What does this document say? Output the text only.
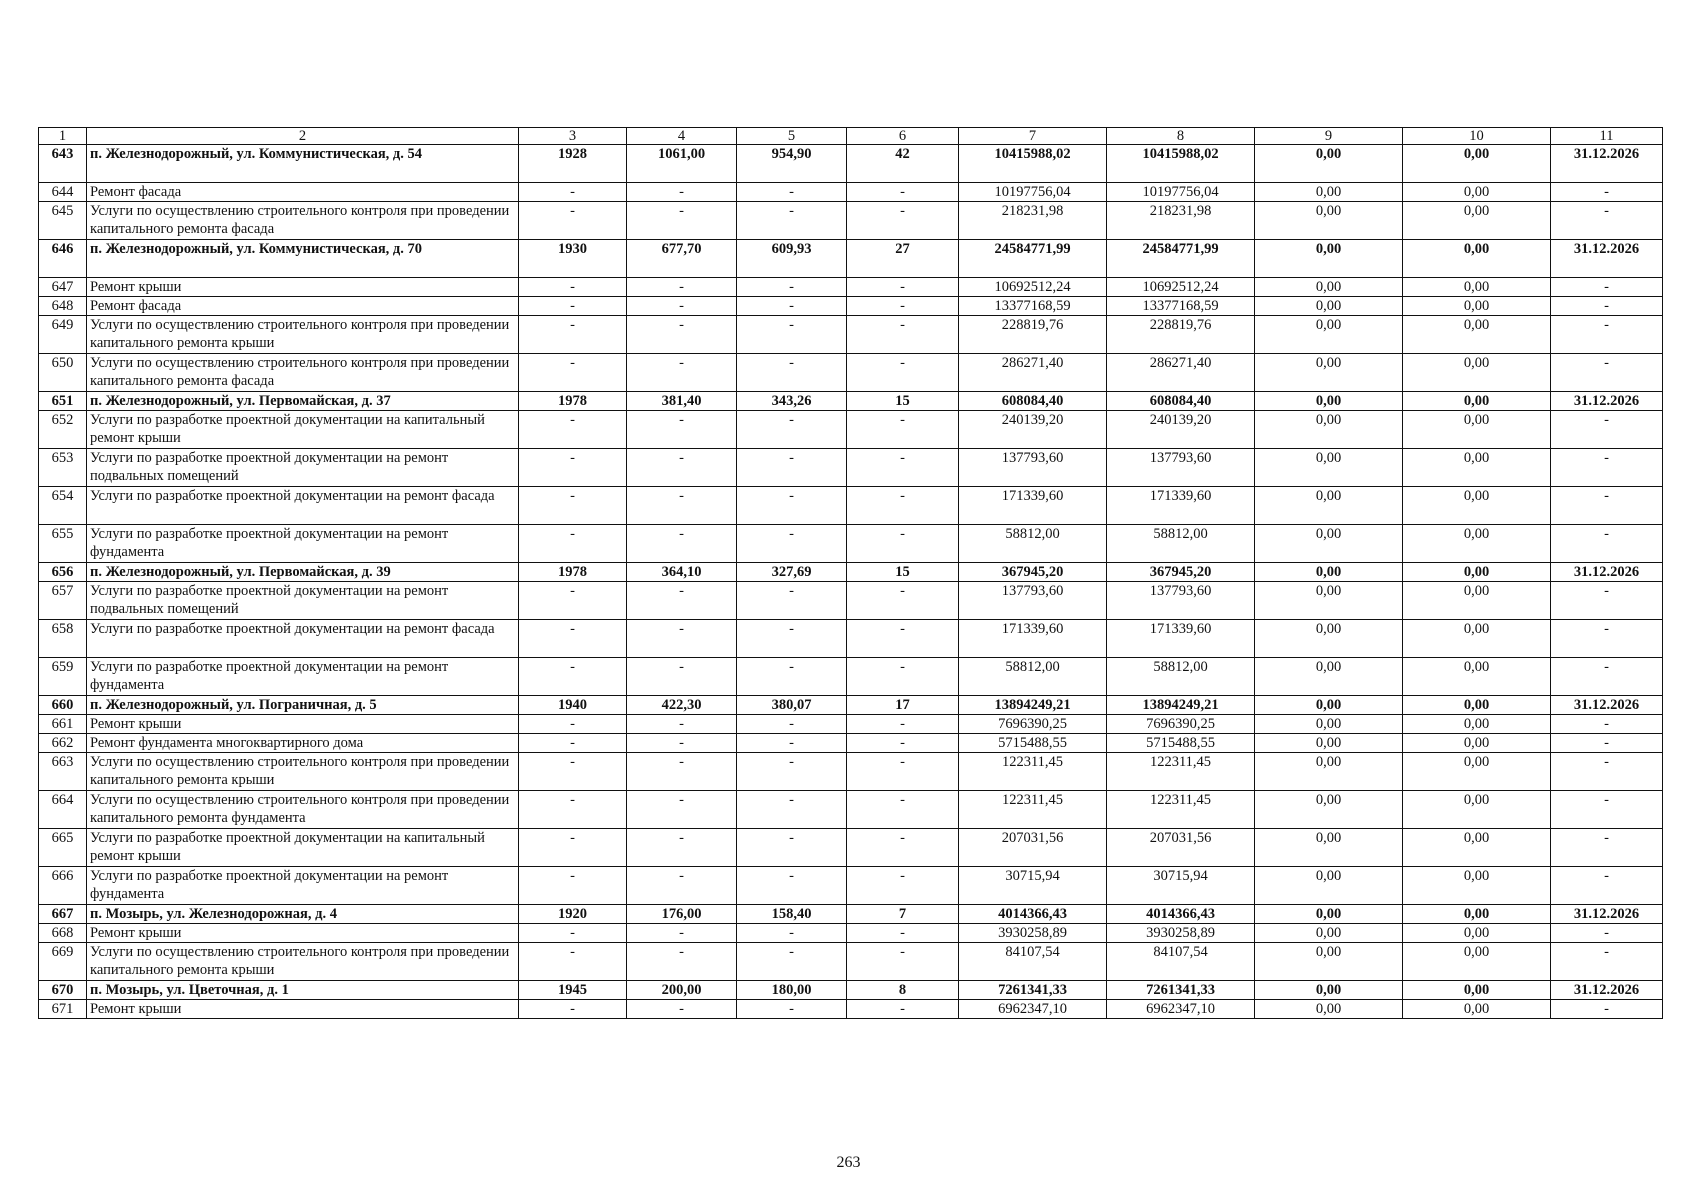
1	2	3	4	5	6	7	8	9	10	11
643	п. Железнодорожный, ул. Коммунистическая, д. 54	1928	1061,00	954,90	42	10415988,02	10415988,02	0,00	0,00	31.12.2026
644	Ремонт фасада	-	-	-	-	10197756,04	10197756,04	0,00	0,00	-
645	Услуги по осуществлению строительного контроля при проведении капитального ремонта фасада	-	-	-	-	218231,98	218231,98	0,00	0,00	-
646	п. Железнодорожный, ул. Коммунистическая, д. 70	1930	677,70	609,93	27	24584771,99	24584771,99	0,00	0,00	31.12.2026
647	Ремонт крыши	-	-	-	-	10692512,24	10692512,24	0,00	0,00	-
648	Ремонт фасада	-	-	-	-	13377168,59	13377168,59	0,00	0,00	-
649	Услуги по осуществлению строительного контроля при проведении капитального ремонта крыши	-	-	-	-	228819,76	228819,76	0,00	0,00	-
650	Услуги по осуществлению строительного контроля при проведении капитального ремонта фасада	-	-	-	-	286271,40	286271,40	0,00	0,00	-
651	п. Железнодорожный, ул. Первомайская, д. 37	1978	381,40	343,26	15	608084,40	608084,40	0,00	0,00	31.12.2026
652	Услуги по разработке проектной документации на капитальный ремонт крыши	-	-	-	-	240139,20	240139,20	0,00	0,00	-
653	Услуги по разработке проектной документации на ремонт подвальных помещений	-	-	-	-	137793,60	137793,60	0,00	0,00	-
654	Услуги по разработке проектной документации на ремонт фасада	-	-	-	-	171339,60	171339,60	0,00	0,00	-
655	Услуги по разработке проектной документации на ремонт фундамента	-	-	-	-	58812,00	58812,00	0,00	0,00	-
656	п. Железнодорожный, ул. Первомайская, д. 39	1978	364,10	327,69	15	367945,20	367945,20	0,00	0,00	31.12.2026
657	Услуги по разработке проектной документации на ремонт подвальных помещений	-	-	-	-	137793,60	137793,60	0,00	0,00	-
658	Услуги по разработке проектной документации на ремонт фасада	-	-	-	-	171339,60	171339,60	0,00	0,00	-
659	Услуги по разработке проектной документации на ремонт фундамента	-	-	-	-	58812,00	58812,00	0,00	0,00	-
660	п. Железнодорожный, ул. Пограничная, д. 5	1940	422,30	380,07	17	13894249,21	13894249,21	0,00	0,00	31.12.2026
661	Ремонт крыши	-	-	-	-	7696390,25	7696390,25	0,00	0,00	-
662	Ремонт фундамента многоквартирного дома	-	-	-	-	5715488,55	5715488,55	0,00	0,00	-
663	Услуги по осуществлению строительного контроля при проведении капитального ремонта крыши	-	-	-	-	122311,45	122311,45	0,00	0,00	-
664	Услуги по осуществлению строительного контроля при проведении капитального ремонта фундамента	-	-	-	-	122311,45	122311,45	0,00	0,00	-
665	Услуги по разработке проектной документации на капитальный ремонт крыши	-	-	-	-	207031,56	207031,56	0,00	0,00	-
666	Услуги по разработке проектной документации на ремонт фундамента	-	-	-	-	30715,94	30715,94	0,00	0,00	-
667	п. Мозырь, ул. Железнодорожная, д. 4	1920	176,00	158,40	7	4014366,43	4014366,43	0,00	0,00	31.12.2026
668	Ремонт крыши	-	-	-	-	3930258,89	3930258,89	0,00	0,00	-
669	Услуги по осуществлению строительного контроля при проведении капитального ремонта крыши	-	-	-	-	84107,54	84107,54	0,00	0,00	-
670	п. Мозырь, ул. Цветочная, д. 1	1945	200,00	180,00	8	7261341,33	7261341,33	0,00	0,00	31.12.2026
671	Ремонт крыши	-	-	-	-	6962347,10	6962347,10	0,00	0,00	-
263
